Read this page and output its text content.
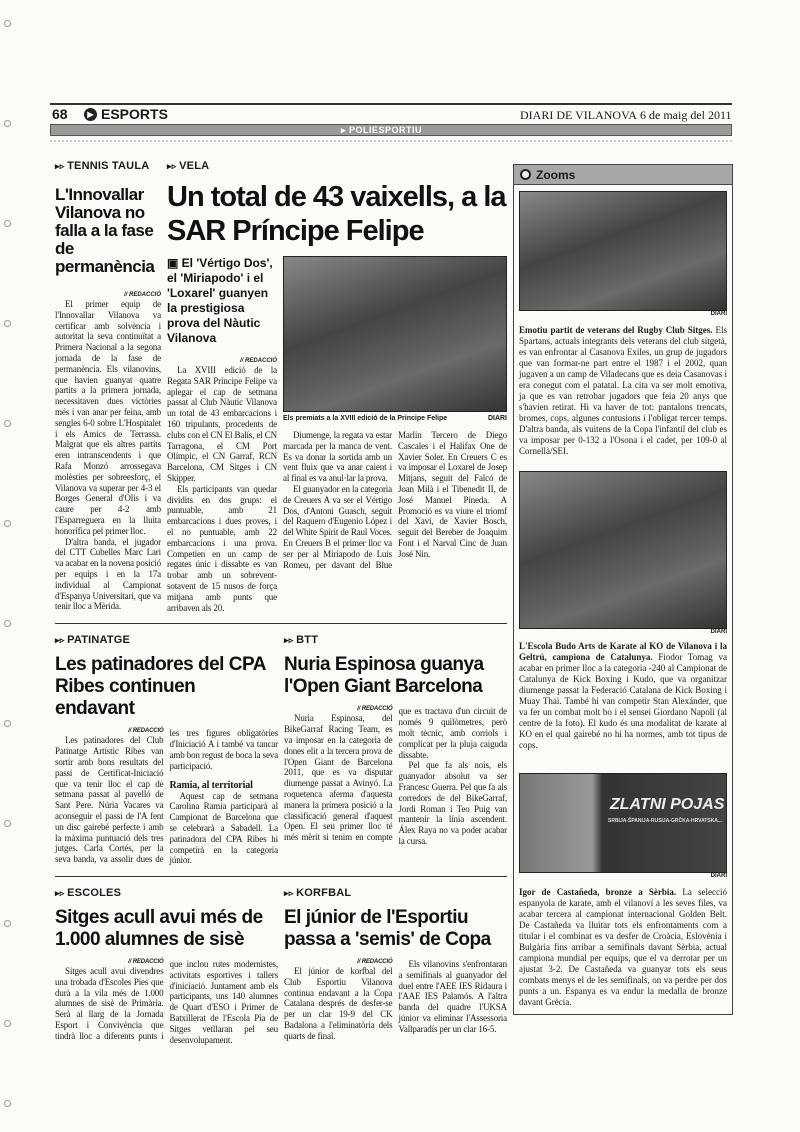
68	▶ ESPORTS	DIARI DE VILANOVA 6 de maig del 2011
▸ POLIESPORTIU
▸▹ TENNIS TAULA
L'Innovallar Vilanova no falla a la fase de permanència
// REDACCIÓ

El primer equip de l'Innovallar Vilanova va certificar amb solvència i autoritat la seva continuïtat a Primera Nacional a la segona jornada de la fase de permanència. Els vilanovins, que havien guanyat quatre partits a la primera jornada, necessitaven dues victòries més i van anar per feina, amb sengles 6-0 sobre L'Hospitalet i els Amics de Terrassa. Malgrat que els altres partits eren intranscendents i que Rafa Monzó arrossegava molèsties per sobreesforç, el Vilanova va superar per 4-3 el Borges General d'Olis i va caure per 4-2 amb l'Esparreguera en la lluita honorífica pel primer lloc.

D'altra banda, el jugador del CTT Cubelles Marc Lari va acabar en la novena posició per equips i en la 17a individual al Campionat d'Espanya Universitari, que va tenir lloc a Mèrida.

▸▹ VELA
Un total de 43 vaixells, a la SAR Príncipe Felipe
▣ El 'Vértigo Dos', el 'Miriapodo' i el 'Loxarel' guanyen la prestigiosa prova del Nàutic Vilanova
// REDACCIÓ

La XVIII edició de la Regata SAR Príncipe Felipe va aplegar el cap de setmana passat al Club Nàutic Vilanova un total de 43 embarcacions i 160 tripulants, procedents de clubs con el CN El Balís, el CN Tarragona, el CM Port Olímpic, el CN Garraf, RCN Barcelona, CM Sitges i CN Skipper.

Els participants van quedar dividits en dos grups: el puntuable, amb 21 embarcacions i dues proves, i el no puntuable, amb 22 embarcacions i una prova. Competien en un camp de regates únic i dissabte es van trobar amb un sobrevent-sotavent de 15 nusos de força mitjana amb punts que arribaven als 20.

Els premiats a la XVIII edició de la Príncipe Felipe	DIARI

Diumenge, la regata va estar marcada per la manca de vent. Es va donar la sortida amb un vent fluix que va anar caient i al final es va anul·lar la prova.

El guanyador en la categoria de Creuers A va ser el Vértigo Dos, d'Antoni Guasch, seguit del Raquero d'Eugenio López i del White Spirit de Raul Voces. En Creuers B el primer lloc va ser per al Miriapodo de Luis Romeu, per davant del Blue Marlin Tercero de Diego Cascales i el Halifax One de Xavier Soler. En Creuers C es va imposar el Loxarel de Josep Mitjans, seguit del Falcó de Joan Milà i el Tibenedit II, de José Manuel Pineda. A Promoció es va viure el triomf del Xavi, de Xavier Bosch, seguit del Bereber de Joaquim Font i el Narval Cinc de Juan José Nin.

▸▹ PATINATGE
Les patinadores del CPA Ribes continuen endavant
// REDACCIÓ

Les patinadores del Club Patinatge Artístic Ribes van sortir amb bons resultats del passi de Certificat-Iniciació que va tenir lloc el cap de setmana passat al pavelló de Sant Pere. Núria Vacares va aconseguir el passi de l'A fent un disc gairebé perfecte i amb la màxima puntuació dels tres jutges. Carla Cortés, per la seva banda, va assolir dues de les tres figures obligatòries d'Iniciació A i també va tancar amb bon regust de boca la seva participació.

Ramia, al territorial

Aquest cap de setmana Carolina Ramia participarà al Campionat de Barcelona que se celebrarà a Sabadell. La patinadora del CPA Ribes hi competirà en la categoria júnior.

▸▹ BTT
Nuria Espinosa guanya l'Open Giant Barcelona
// REDACCIÓ

Nuria Espinosa, del BikeGarraf Racing Team, es va imposar en la categoria de dones elit a la tercera prova de l'Open Giant de Barcelona 2011, que es va disputar diumenge passat a Avinyó. La roquetenca aferma d'aquesta manera la primera posició a la classificació general d'aquest Open. El seu primer lloc té més mèrit si tenim en compte que es tractava d'un circuit de només 9 quilòmetres, però molt tècnic, amb corriols i complicat per la pluja caiguda dissabte.

Pel que fa als nois, els guanyador absolut va ser Francesc Guerra. Pel que fa als corredors de del BikeGarraf, Jordi Roman i Teo Puig van mantenir la línia ascendent. Álex Raya no va poder acabar la cursa.

▸▹ ESCOLES
Sitges acull avui més de 1.000 alumnes de sisè
// REDACCIÓ

Sitges acull avui divendres una trobada d'Escoles Pies que durà a la vila més de 1.000 alumnes de sisè de Primària. Serà al llarg de la Jornada Esport i Convivència que tindrà lloc a diferents punts i que inclou rutes modernistes, activitats esportives i tallers d'iniciació. Juntament amb els participants, uns 140 alumnes de Quart d'ESO i Primer de Batxillerat de l'Escola Pia de Sitges vetllaran pel seu desenvolupament.

▸▹ KORFBAL
El júnior de l'Esportiu passa a 'semis' de Copa
// REDACCIÓ

El júnior de korfbal del Club Esportiu Vilanova continua endavant a la Copa Catalana després de desfer-se per un clar 19-9 del CK Badalona a l'eliminatòria dels quarts de final.

Els vilanovins s'enfrontaran a semifinals al guanyador del duel entre l'AEE IES Ridaura i l'AAE IES Palamós. A l'altra banda del quadre l'UKSA júnior va eliminar l'Assessoria Vallparadís per un clar 16-5.

Zooms
DIARI
Emotiu partit de veterans del Rugby Club Sitges. Els Spartans, actuals integrants dels veterans del club sitgetà, es van enfrontar al Casanova Exiles, un grup de jugadors que van formar-ne part entre el 1987 i el 2002, quan jugaven a un camp de Viladecans que es deia Casanovas i era conegut com el patatal. La cita va ser molt emotiva, ja que es van retrobar jugadors que feia 20 anys que s'havien retirat. Hi va haver de tot: pantalons trencats, bromes, cops, algunes contusions i l'obligat tercer temps. D'altra banda, als vuitens de la Copa l'infantil del club es va imposar per 0-132 a l'Osona i el cadet, per 109-0 al Cornellà/SEI.
DIARI
L'Escola Budo Arts de Karate al KO de Vilanova i la Geltrú, campiona de Catalunya. Fiodor Tomag va acabar en primer lloc a la categoria -240 al Campionat de Catalunya de Kick Boxing i Kudo, que va organitzar diumenge passat la Federació Catalana de Kick Boxing i Muay Thai. També hi van competir Stan Alexánder, que va fer un combat molt bo i el sensei Giordano Napoli (al centre de la foto). El kudo és una modalitat de karate al KO en el qual gairebé no hi ha normes, amb tot tipus de cops.
ZLATNI POJAS
SRBIJA-ŠPANIJA-RUSIJA-GRČKA-HRVATSKA...
DIARI
Igor de Castañeda, bronze a Sèrbia. La selecció espanyola de karate, amb el vilanoví a les seves files, va acabar tercera al campionat internacional Golden Belt. De Castañeda va lluitar tots els enfrontaments com a titular i el combinat es va desfer de Croàcia, Eslovènia i Bulgària fins arribar a semifinals davant Sèrbia, actual campiona mundial per equips, que el va derrotar per un ajustat 3-2. De Castañeda va guanyar tots els seus combats menys el de les semifinals, on va perdre per dos punts a un. Espanya es va endur la medalla de bronze davant Grècia.
